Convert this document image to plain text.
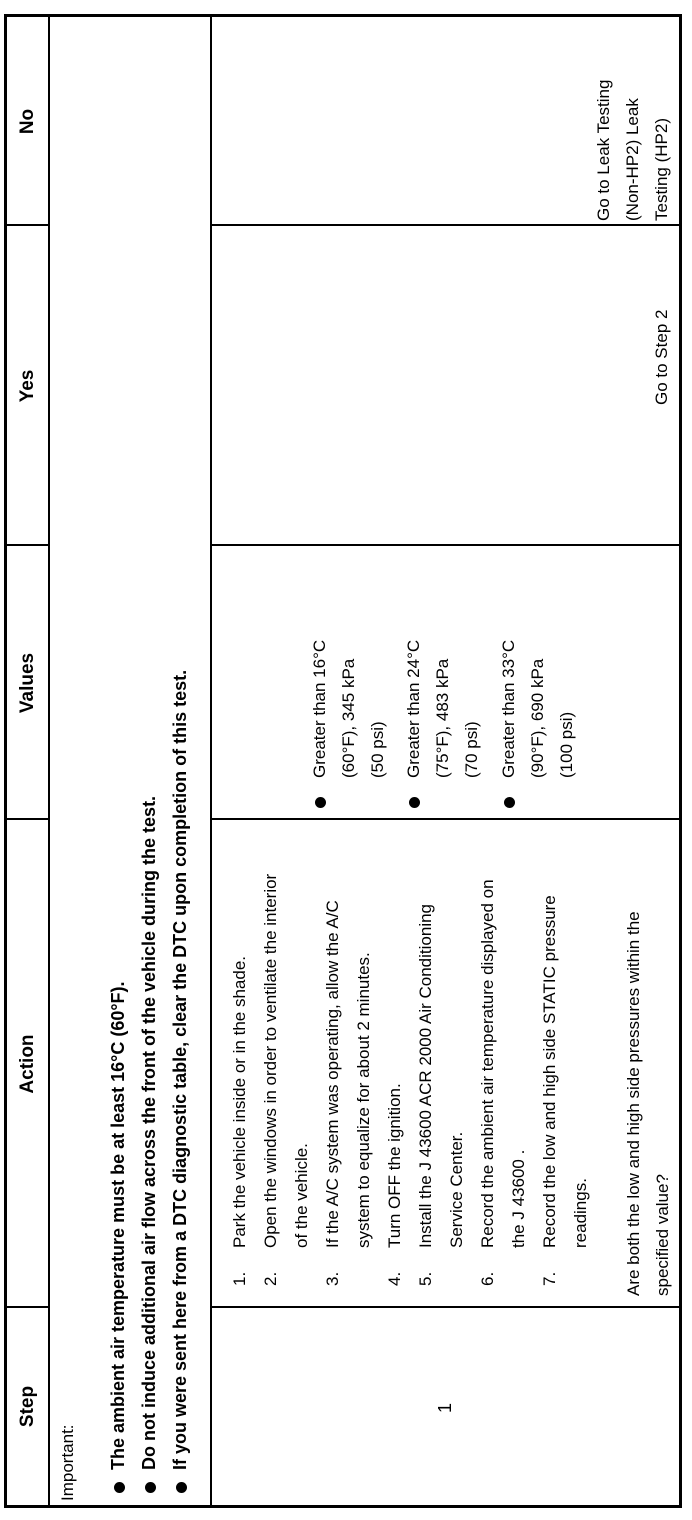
Step
Action
Values
Yes
No
Important: The ambient air temperature must be at least 16°C (60°F). Do not induce additional air flow across the front of the vehicle during the test. If you were sent here from a DTC diagnostic table, clear the DTC upon completion of this test.	1
1.
Park the vehicle inside or in the shade.
2.
Open the windows in order to ventilate the interior of the vehicle.
3.
If the A/C system was operating, allow the A/C system to equalize for about 2 minutes.
4.
Turn OFF the ignition.
5.
Install the J 43600 ACR 2000 Air Conditioning Service Center.
6.
Record the ambient air temperature displayed on the J 43600 .
7.
Record the low and high side STATIC pressure readings.	Are both the low and high side pressures within the specified value?
Greater than 16°C (60°F), 345 kPa (50 psi) Greater than 24°C (75°F), 483 kPa (70 psi) Greater than 33°C (90°F), 690 kPa (100 psi)
Go to Step 2
Go to Leak Testing (Non-HP2) Leak Testing (HP2)
